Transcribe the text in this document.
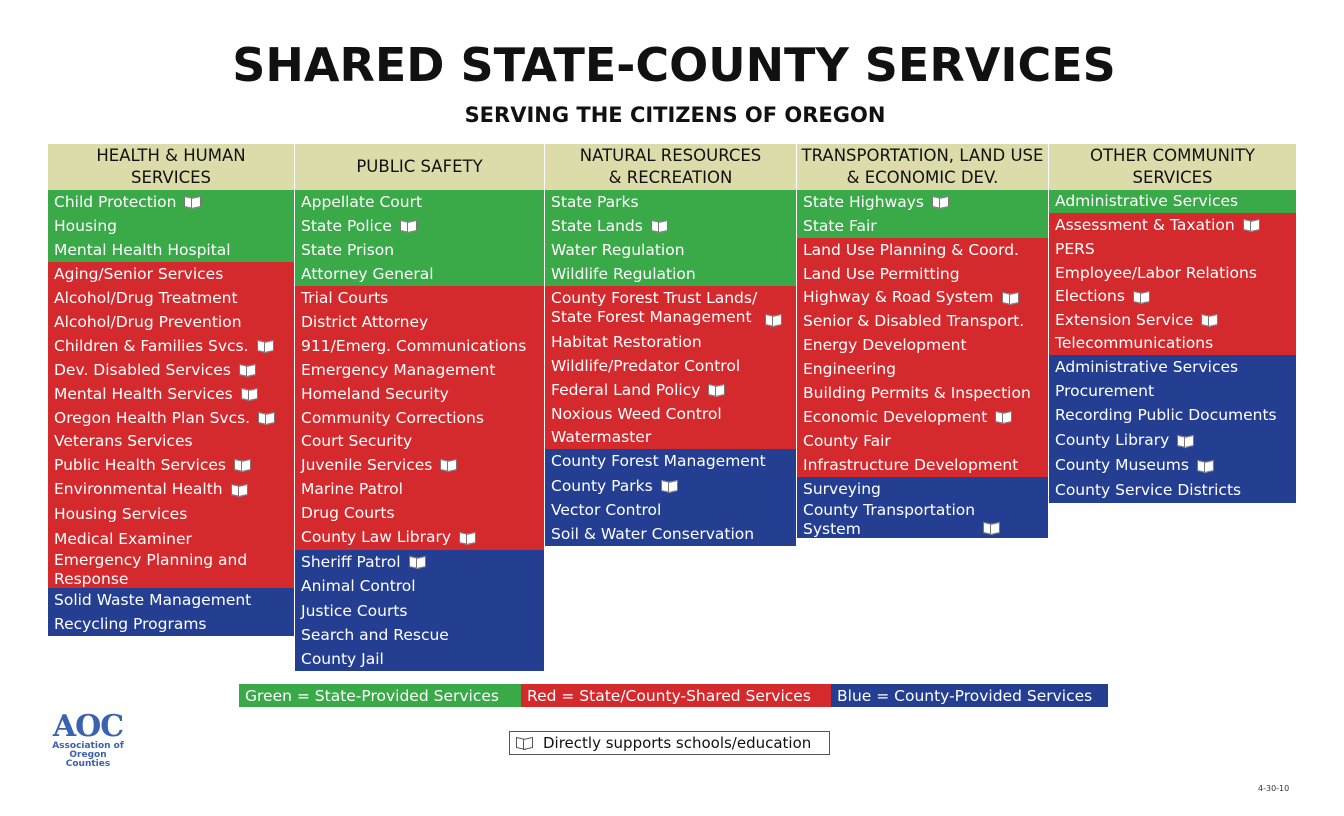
SHARED STATE-COUNTY SERVICES
SERVING THE CITIZENS OF OREGON
HEALTH & HUMAN
SERVICES
Child Protection
Housing
Mental Health Hospital
Aging/Senior Services
Alcohol/Drug Treatment
Alcohol/Drug Prevention
Children & Families Svcs.
Dev. Disabled Services
Mental Health Services
Oregon Health Plan Svcs.
Veterans Services
Public Health Services
Environmental Health
Housing Services
Medical Examiner
Emergency Planning and
Response
Solid Waste Management
Recycling Programs
PUBLIC SAFETY
Appellate Court
State Police
State Prison
Attorney General
Trial Courts
District Attorney
911/Emerg. Communications
Emergency Management
Homeland Security
Community Corrections
Court Security
Juvenile Services
Marine Patrol
Drug Courts
County Law Library
Sheriff Patrol
Animal Control
Justice Courts
Search and Rescue
County Jail
NATURAL RESOURCES
& RECREATION
State Parks
State Lands
Water Regulation
Wildlife Regulation
County Forest Trust Lands/
State Forest Management
Habitat Restoration
Wildlife/Predator Control
Federal Land Policy
Noxious Weed Control
Watermaster
County Forest Management
County Parks
Vector Control
Soil & Water Conservation
TRANSPORTATION, LAND USE
& ECONOMIC DEV.
State Highways
State Fair
Land Use Planning & Coord.
Land Use Permitting
Highway & Road System
Senior & Disabled Transport.
Energy Development
Engineering
Building Permits & Inspection
Economic Development
County Fair
Infrastructure Development
Surveying
County Transportation
System
OTHER COMMUNITY
SERVICES
Administrative Services
Assessment & Taxation
PERS
Employee/Labor Relations
Elections
Extension Service
Telecommunications
Administrative Services
Procurement
Recording Public Documents
County Library
County Museums
County Service Districts
Green = State-Provided Services	Red = State/County-Shared Services	Blue = County-Provided Services
AOC
Association of
Oregon Counties
Directly supports schools/education
4-30-10
